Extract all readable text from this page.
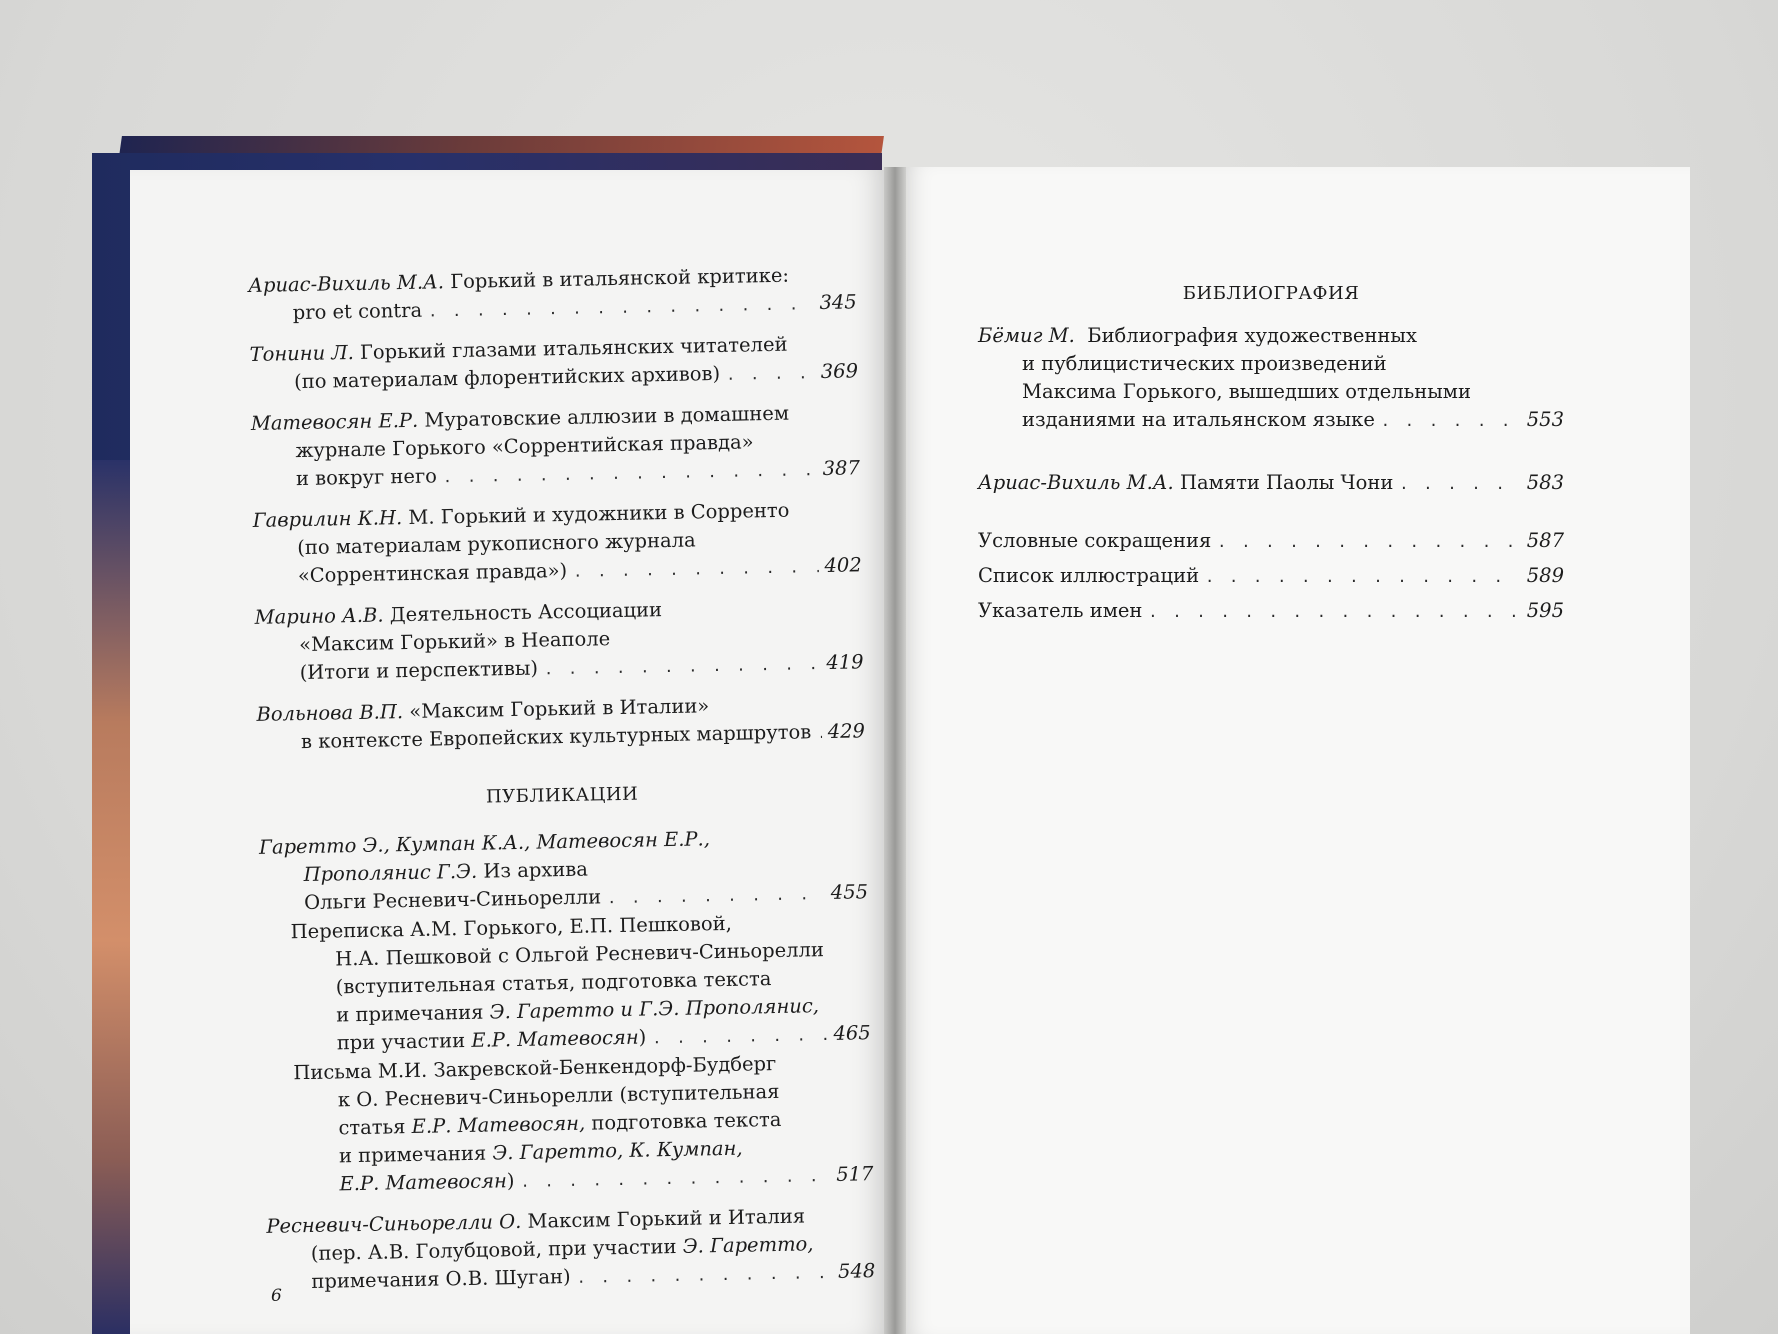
Ариас-Вихиль М.А. Горький в итальянской критике:
pro et contra . . .	345
Тонини Л. Горький глазами итальянских читателей
(по материалам флорентийских архивов) . . .	369
Матевосян Е.Р. Муратовские аллюзии в домашнем
журнале Горького «Соррентийская правда»
и вокруг него . . .	387
Гаврилин К.Н. М. Горький и художники в Сорренто
(по материалам рукописного журнала
«Соррентинская правда») . . .	402
Марино А.В. Деятельность Ассоциации
«Максим Горький» в Неаполе
(Итоги и перспективы) . . .	419
Вольнова В.П. «Максим Горький в Италии»
в контексте Европейских культурных маршрутов . . . 429
ПУБЛИКАЦИИ
Гаретто Э., Кумпан К.А., Матевосян Е.Р.,
Прополянис Г.Э. Из архива
Ольги Ресневич-Синьорелли . . .	455
Переписка А.М. Горького, Е.П. Пешковой,
Н.А. Пешковой с Ольгой Ресневич-Синьорелли
(вступительная статья, подготовка текста
и примечания Э. Гаретто и Г.Э. Прополянис,
при участии Е.Р. Матевосян) . . .	465
Письма М.И. Закревской-Бенкендорф-Будберг
к О. Ресневич-Синьорелли (вступительная
статья Е.Р. Матевосян, подготовка текста
и примечания Э. Гаретто, К. Кумпан,
Е.Р. Матевосян) . . .	517
Ресневич-Синьорелли О. Максим Горький и Италия
(пер. А.В. Голубцовой, при участии Э. Гаретто,
примечания О.В. Шуган) . . .	548
6
БИБЛИОГРАФИЯ
Бёмиг М. Библиография художественных
и публицистических произведений
Максима Горького, вышедших отдельными
изданиями на итальянском языке . . .	553
Ариас-Вихиль М.А. Памяти Паолы Чони . . .	583
Условные сокращения . . .	587
Список иллюстраций . . .	589
Указатель имен . . .	595
